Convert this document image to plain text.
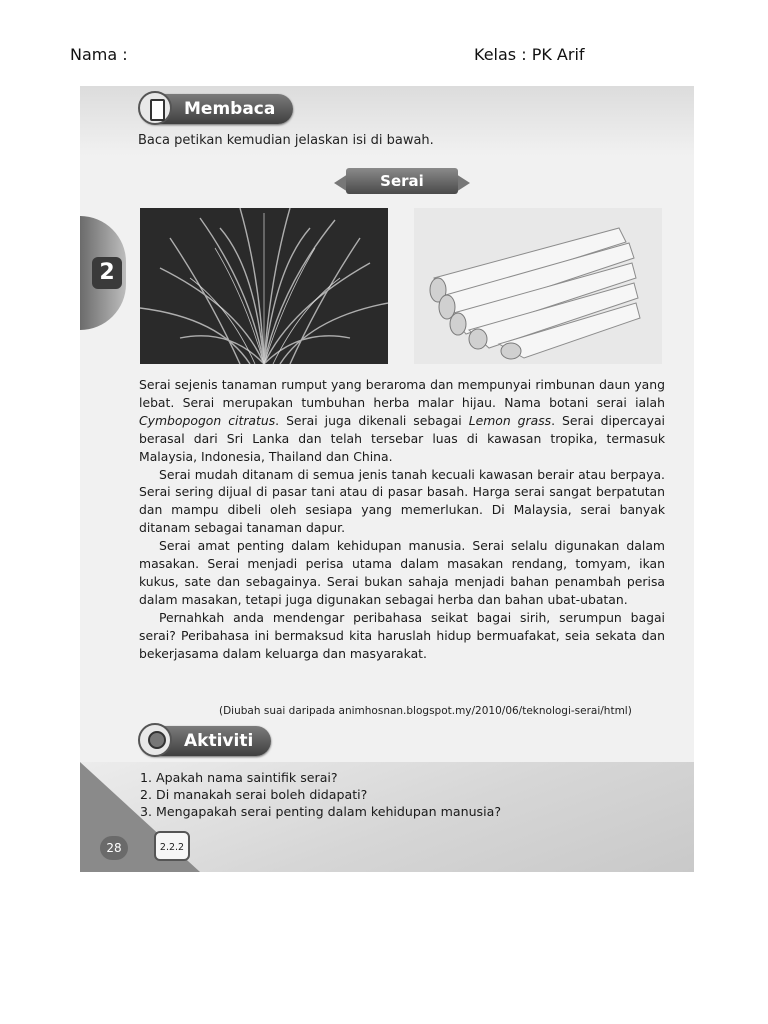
Nama :	Kelas : PK Arif
2
Membaca
Baca petikan kemudian jelaskan isi di bawah.
Serai

Serai sejenis tanaman rumput yang beraroma dan mempunyai rimbunan daun yang lebat. Serai merupakan tumbuhan herba malar hijau. Nama botani serai ialah Cymbopogon citratus. Serai juga dikenali sebagai Lemon grass. Serai dipercayai berasal dari Sri Lanka dan telah tersebar luas di kawasan tropika, termasuk Malaysia, Indonesia, Thailand dan China.

Serai mudah ditanam di semua jenis tanah kecuali kawasan berair atau berpaya. Serai sering dijual di pasar tani atau di pasar basah. Harga serai sangat berpatutan dan mampu dibeli oleh sesiapa yang memerlukan. Di Malaysia, serai banyak ditanam sebagai tanaman dapur.

Serai amat penting dalam kehidupan manusia. Serai selalu digunakan dalam masakan. Serai menjadi perisa utama dalam masakan rendang, tomyam, ikan kukus, sate dan sebagainya. Serai bukan sahaja menjadi bahan penambah perisa dalam masakan, tetapi juga digunakan sebagai herba dan bahan ubat-ubatan.

Pernahkah anda mendengar peribahasa seikat bagai sirih, serumpun bagai serai? Peribahasa ini bermaksud kita haruslah hidup bermuafakat, seia sekata dan bekerjasama dalam keluarga dan masyarakat.

(Diubah suai daripada animhosnan.blogspot.my/2010/06/teknologi-serai/html)
Aktiviti
1. Apakah nama saintifik serai?
2. Di manakah serai boleh didapati?
3. Mengapakah serai penting dalam kehidupan manusia?
28	2.2.2
